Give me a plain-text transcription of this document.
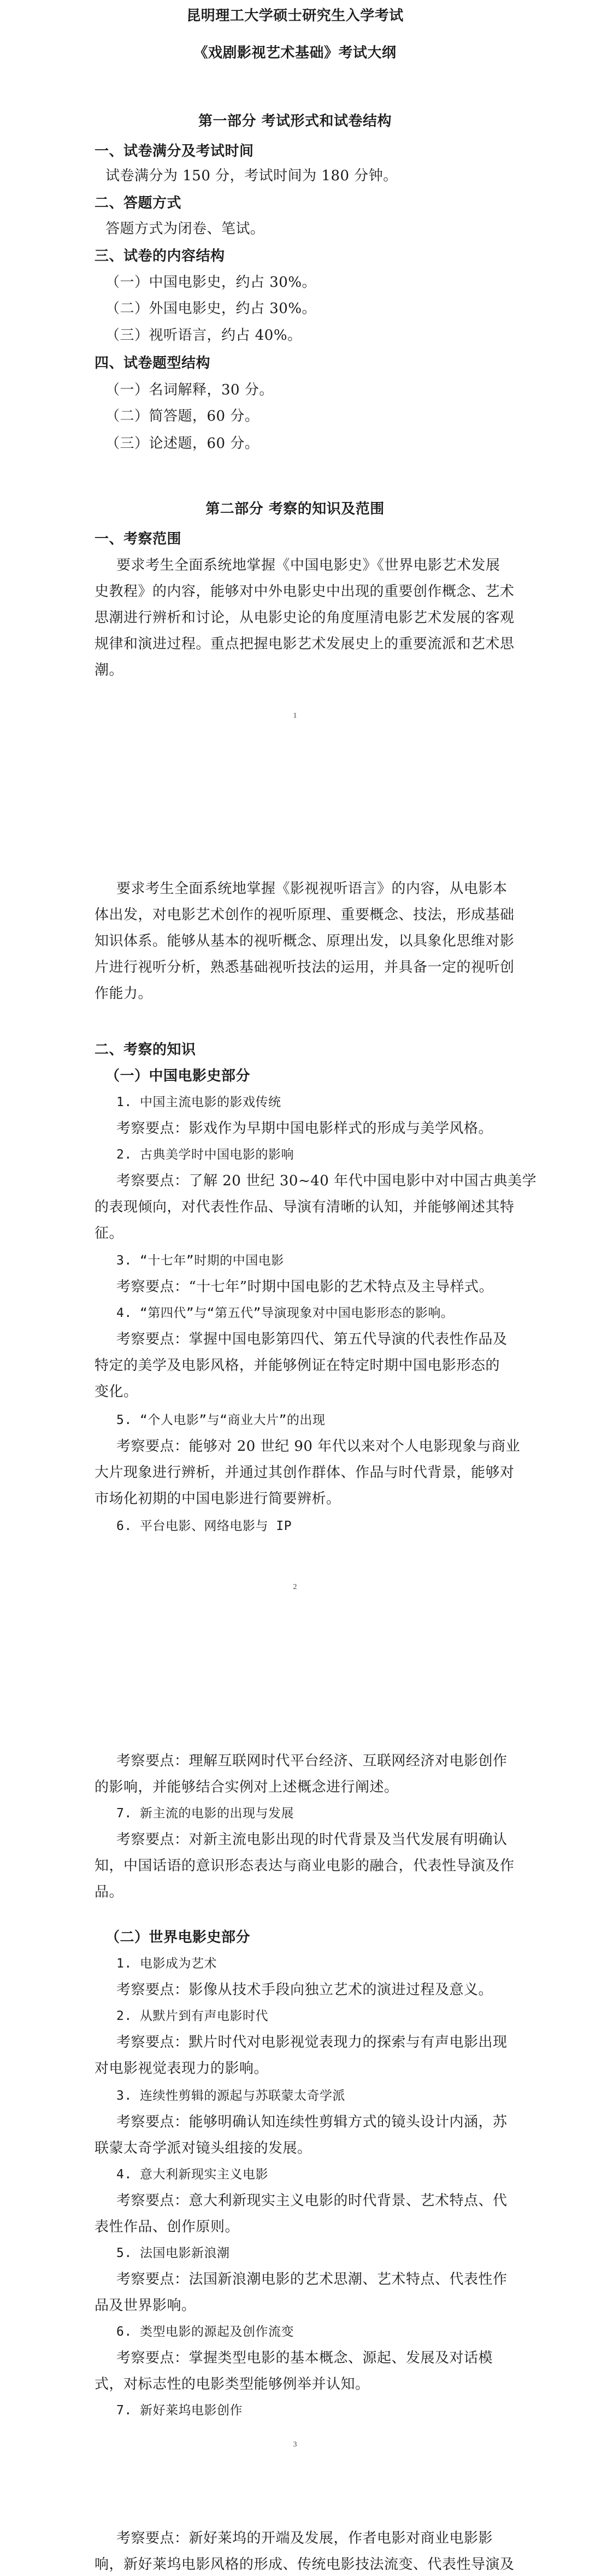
昆明理工大学硕士研究生入学考试
《戏剧影视艺术基础》考试大纲
第一部分 考试形式和试卷结构
一、试卷满分及考试时间
试卷满分为 150 分，考试时间为 180 分钟。
二、答题方式
答题方式为闭卷、笔试。
三、试卷的内容结构
（一）中国电影史，约占 30%。
（二）外国电影史，约占 30%。
（三）视听语言，约占 40%。
四、试卷题型结构
（一）名词解释，30 分。
（二）简答题，60 分。
（三）论述题，60 分。
第二部分 考察的知识及范围
一、考察范围
要求考生全面系统地掌握《中国电影史》《世界电影艺术发展
史教程》的内容，能够对中外电影史中出现的重要创作概念、艺术
思潮进行辨析和讨论，从电影史论的角度厘清电影艺术发展的客观
规律和演进过程。重点把握电影艺术发展史上的重要流派和艺术思
潮。
1
要求考生全面系统地掌握《影视视听语言》的内容，从电影本
体出发，对电影艺术创作的视听原理、重要概念、技法，形成基础
知识体系。能够从基本的视听概念、原理出发，以具象化思维对影
片进行视听分析，熟悉基础视听技法的运用，并具备一定的视听创
作能力。
二、考察的知识
（一）中国电影史部分
1. 中国主流电影的影戏传统
考察要点：影戏作为早期中国电影样式的形成与美学风格。
2. 古典美学时中国电影的影响
考察要点：了解 20 世纪 30~40 年代中国电影中对中国古典美学
的表现倾向，对代表性作品、导演有清晰的认知，并能够阐述其特
征。
3. “十七年”时期的中国电影
考察要点：“十七年”时期中国电影的艺术特点及主导样式。
4. “第四代”与“第五代”导演现象对中国电影形态的影响。
考察要点：掌握中国电影第四代、第五代导演的代表性作品及
特定的美学及电影风格，并能够例证在特定时期中国电影形态的
变化。
5. “个人电影”与“商业大片”的出现
考察要点：能够对 20 世纪 90 年代以来对个人电影现象与商业
大片现象进行辨析，并通过其创作群体、作品与时代背景，能够对
市场化初期的中国电影进行简要辨析。
6. 平台电影、网络电影与 IP
2
考察要点：理解互联网时代平台经济、互联网经济对电影创作
的影响，并能够结合实例对上述概念进行阐述。
7. 新主流的电影的出现与发展
考察要点：对新主流电影出现的时代背景及当代发展有明确认
知，中国话语的意识形态表达与商业电影的融合，代表性导演及作
品。
（二）世界电影史部分
1. 电影成为艺术
考察要点：影像从技术手段向独立艺术的演进过程及意义。
2. 从默片到有声电影时代
考察要点：默片时代对电影视觉表现力的探索与有声电影出现
对电影视觉表现力的影响。
3. 连续性剪辑的源起与苏联蒙太奇学派
考察要点：能够明确认知连续性剪辑方式的镜头设计内涵，苏
联蒙太奇学派对镜头组接的发展。
4. 意大利新现实主义电影
考察要点：意大利新现实主义电影的时代背景、艺术特点、代
表性作品、创作原则。
5. 法国电影新浪潮
考察要点：法国新浪潮电影的艺术思潮、艺术特点、代表性作
品及世界影响。
6. 类型电影的源起及创作流变
考察要点：掌握类型电影的基本概念、源起、发展及对话模
式，对标志性的电影类型能够例举并认知。
7. 新好莱坞电影创作
3
考察要点：新好莱坞的开端及发展，作者电影对商业电影影
响，新好莱坞电影风格的形成、传统电影技法流变、代表性导演及
